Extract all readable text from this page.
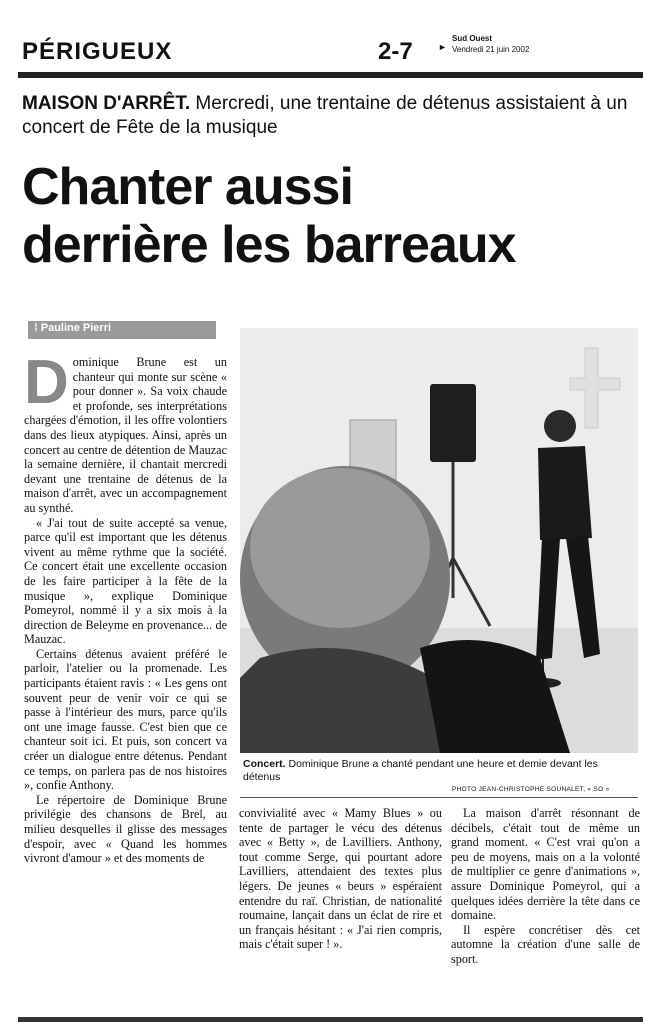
PÉRIGUEUX	2-7	►
Sud Ouest
Vendredi 21 juin 2002
MAISON D'ARRÊT. Mercredi, une trentaine de détenus assistaient à un concert de Fête de la musique
Chanter aussi
derrière les barreaux
⁞ Pauline Pierri
D ominique Brune est un chanteur qui monte sur scène « pour donner ». Sa voix chaude et profonde, ses interprétations chargées d'émotion, il les offre volontiers dans des lieux atypiques. Ainsi, après un concert au centre de détention de Mauzac la semaine dernière, il chantait mercredi devant une trentaine de détenus de la maison d'arrêt, avec un accompagnement au synthé.

« J'ai tout de suite accepté sa venue, parce qu'il est important que les détenus vivent au même rythme que la société. Ce concert était une excellente occasion de les faire participer à la fête de la musique », explique Dominique Pomeyrol, nommé il y a six mois à la direction de Beleyme en provenance... de Mauzac.

Certains détenus avaient préféré le parloir, l'atelier ou la promenade. Les participants étaient ravis : « Les gens ont souvent peur de venir voir ce qui se passe à l'intérieur des murs, parce qu'ils ont une image fausse. C'est bien que ce chanteur soit ici. Et puis, son concert va créer un dialogue entre détenus. Pendant ce temps, on parlera pas de nos histoires », confie Anthony.

Le répertoire de Dominique Brune privilégie des chansons de Brel, au milieu desquelles il glisse des messages d'espoir, avec « Quand les hommes vivront d'amour » et des moments de

Concert. Dominique Brune a chanté pendant une heure et demie devant les détenus
PHOTO JEAN-CHRISTOPHE SOUNALET, « SO »

convivialité avec « Mamy Blues » ou tente de partager le vécu des détenus avec « Betty », de Lavilliers. Anthony, tout comme Serge, qui pourtant adore Lavilliers, attendaient des textes plus légers. De jeunes « beurs » espéraient entendre du raï. Christian, de nationalité roumaine, lançait dans un éclat de rire et un français hésitant : « J'ai rien compris, mais c'était super ! ».

La maison d'arrêt résonnant de décibels, c'était tout de même un grand moment. « C'est vrai qu'on a peu de moyens, mais on a la volonté de multiplier ce genre d'animations », assure Dominique Pomeyrol, qui a quelques idées derrière la tête dans ce domaine.

Il espère concrétiser dès cet automne la création d'une salle de sport.
